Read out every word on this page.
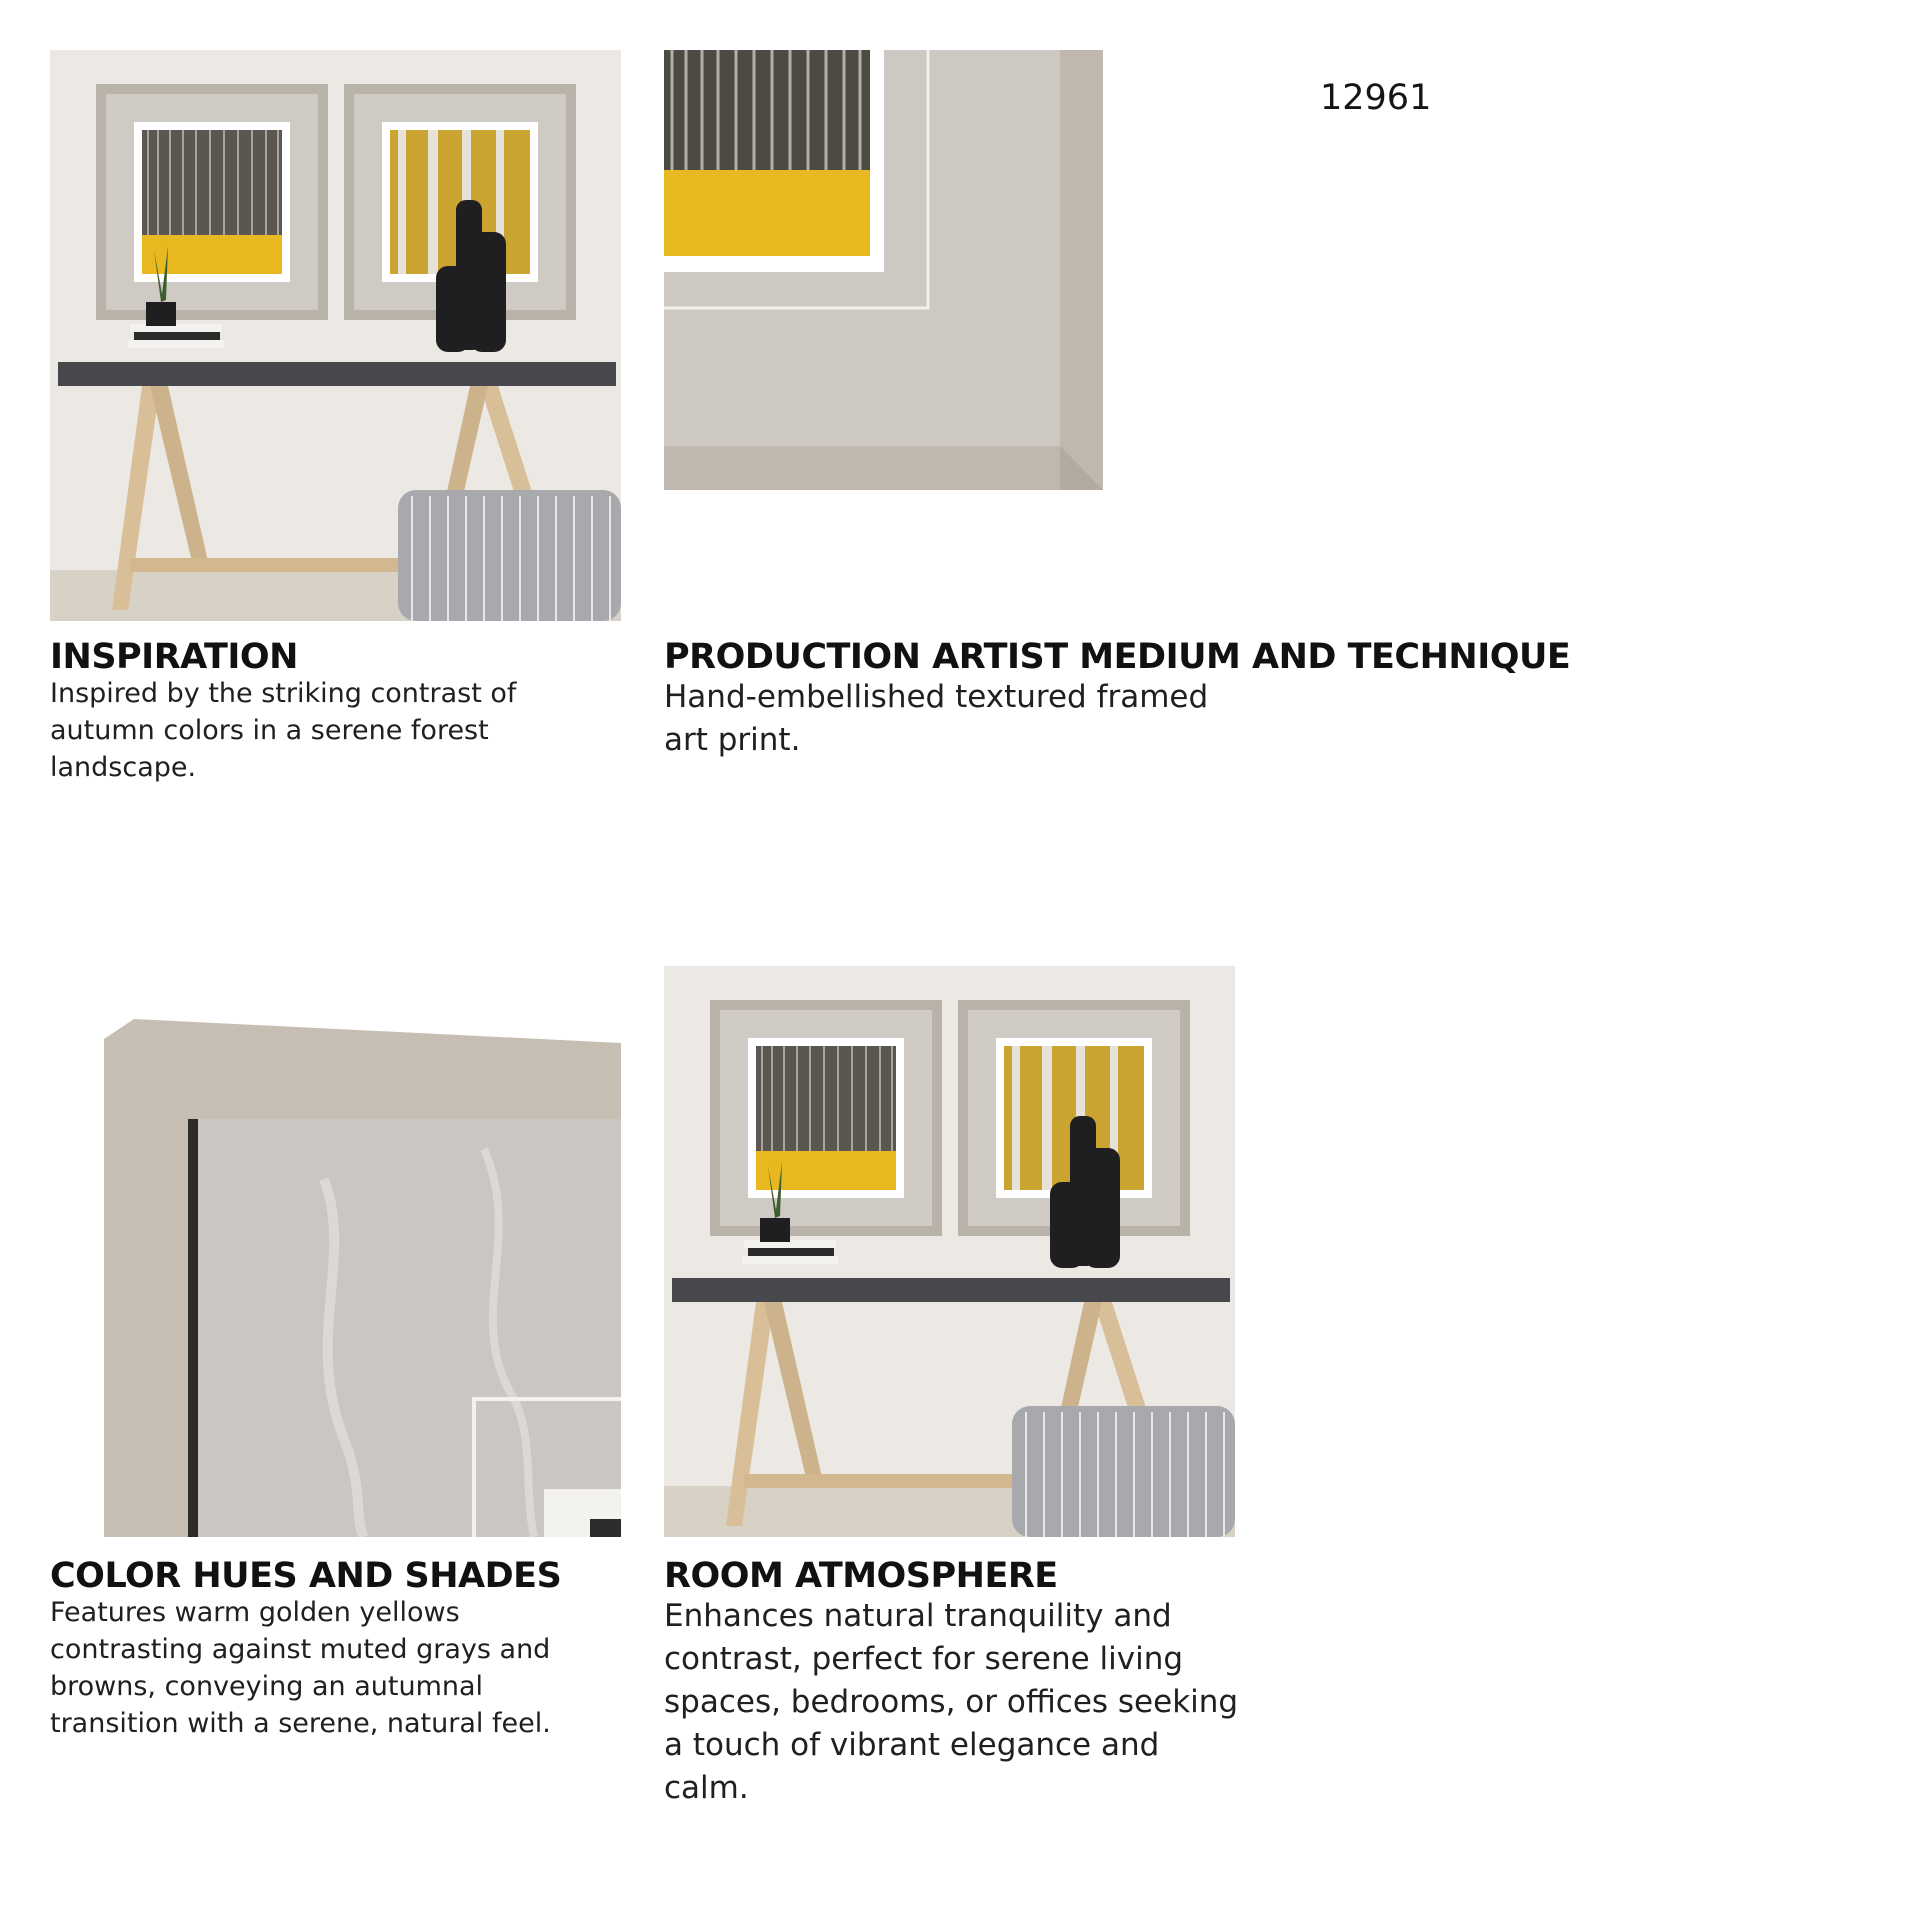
12961
INSPIRATION
Inspired by the striking contrast of autumn colors in a serene forest landscape.
PRODUCTION ARTIST MEDIUM AND TECHNIQUE
Hand-embellished textured framed art print.
COLOR HUES AND SHADES
Features warm golden yellows contrasting against muted grays and browns, conveying an autumnal transition with a serene, natural feel.
ROOM ATMOSPHERE
Enhances natural tranquility and contrast, perfect for serene living spaces, bedrooms, or offices seeking a touch of vibrant elegance and calm.
